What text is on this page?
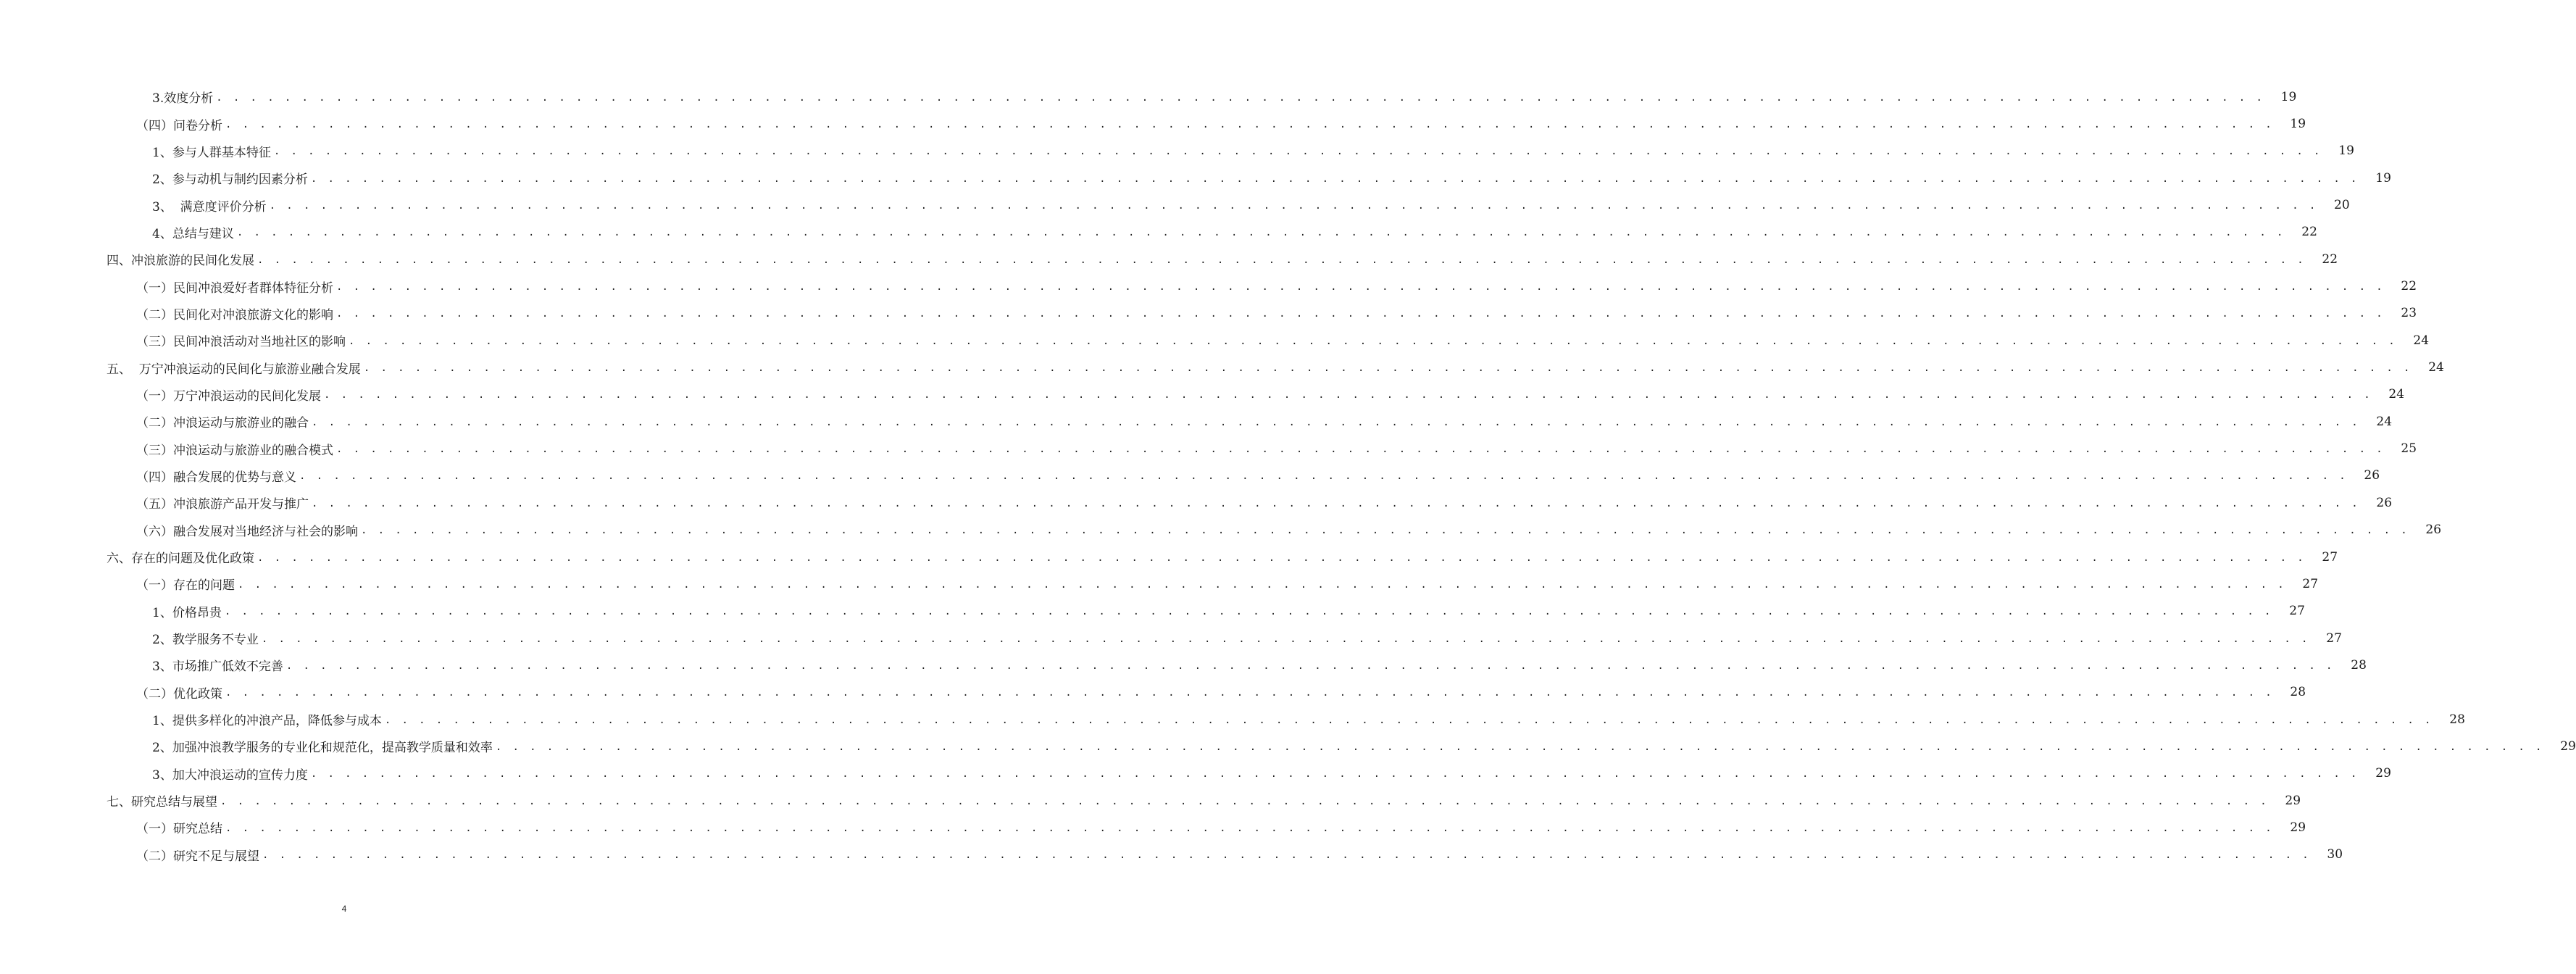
3.效度分析 . . . . . . . . . . . . . . . . . . . . . . . . . . . . . . . . . . . . . . . . . . . . . . . . . . . . . . . . . . . . . . . . . . . . . . . . . . . . . . . . . . . . . . . . . . . . . . . . . . . . . . . . . . . . . . . . . . . . . . . .	19
（四）问卷分析 . . . . . . . . . . . . . . . . . . . . . . . . . . . . . . . . . . . . . . . . . . . . . . . . . . . . . . . . . . . . . . . . . . . . . . . . . . . . . . . . . . . . . . . . . . . . . . . . . . . . . . . . . . . . . . . . . . . . . . . .	19
1、参与人群基本特征 . . . . . . . . . . . . . . . . . . . . . . . . . . . . . . . . . . . . . . . . . . . . . . . . . . . . . . . . . . . . . . . . . . . . . . . . . . . . . . . . . . . . . . . . . . . . . . . . . . . . . . . . . . . . . . . . . . . . . . . .	19
2、参与动机与制约因素分析 . . . . . . . . . . . . . . . . . . . . . . . . . . . . . . . . . . . . . . . . . . . . . . . . . . . . . . . . . . . . . . . . . . . . . . . . . . . . . . . . . . . . . . . . . . . . . . . . . . . . . . . . . . . . . . . . . . . . . . . .	19
3、  满意度评价分析 . . . . . . . . . . . . . . . . . . . . . . . . . . . . . . . . . . . . . . . . . . . . . . . . . . . . . . . . . . . . . . . . . . . . . . . . . . . . . . . . . . . . . . . . . . . . . . . . . . . . . . . . . . . . . . . . . . . . . . . .	20
4、总结与建议 . . . . . . . . . . . . . . . . . . . . . . . . . . . . . . . . . . . . . . . . . . . . . . . . . . . . . . . . . . . . . . . . . . . . . . . . . . . . . . . . . . . . . . . . . . . . . . . . . . . . . . . . . . . . . . . . . . . . . . . .	22
四、冲浪旅游的民间化发展 . . . . . . . . . . . . . . . . . . . . . . . . . . . . . . . . . . . . . . . . . . . . . . . . . . . . . . . . . . . . . . . . . . . . . . . . . . . . . . . . . . . . . . . . . . . . . . . . . . . . . . . . . . . . . . . . . . . . . . . .	22
（一）民间冲浪爱好者群体特征分析 . . . . . . . . . . . . . . . . . . . . . . . . . . . . . . . . . . . . . . . . . . . . . . . . . . . . . . . . . . . . . . . . . . . . . . . . . . . . . . . . . . . . . . . . . . . . . . . . . . . . . . . . . . . . . . . . . . . . . . . .	22
（二）民间化对冲浪旅游文化的影响 . . . . . . . . . . . . . . . . . . . . . . . . . . . . . . . . . . . . . . . . . . . . . . . . . . . . . . . . . . . . . . . . . . . . . . . . . . . . . . . . . . . . . . . . . . . . . . . . . . . . . . . . . . . . . . . . . . . . . . . .	23
（三）民间冲浪活动对当地社区的影响 . . . . . . . . . . . . . . . . . . . . . . . . . . . . . . . . . . . . . . . . . . . . . . . . . . . . . . . . . . . . . . . . . . . . . . . . . . . . . . . . . . . . . . . . . . . . . . . . . . . . . . . . . . . . . . . . . . . . . . . .	24
五、  万宁冲浪运动的民间化与旅游业融合发展 . . . . . . . . . . . . . . . . . . . . . . . . . . . . . . . . . . . . . . . . . . . . . . . . . . . . . . . . . . . . . . . . . . . . . . . . . . . . . . . . . . . . . . . . . . . . . . . . . . . . . . . . . . . . . . . . . . . . . . . .	24
（一）万宁冲浪运动的民间化发展 . . . . . . . . . . . . . . . . . . . . . . . . . . . . . . . . . . . . . . . . . . . . . . . . . . . . . . . . . . . . . . . . . . . . . . . . . . . . . . . . . . . . . . . . . . . . . . . . . . . . . . . . . . . . . . . . . . . . . . . .	24
（二）冲浪运动与旅游业的融合 . . . . . . . . . . . . . . . . . . . . . . . . . . . . . . . . . . . . . . . . . . . . . . . . . . . . . . . . . . . . . . . . . . . . . . . . . . . . . . . . . . . . . . . . . . . . . . . . . . . . . . . . . . . . . . . . . . . . . . . .	24
（三）冲浪运动与旅游业的融合模式 . . . . . . . . . . . . . . . . . . . . . . . . . . . . . . . . . . . . . . . . . . . . . . . . . . . . . . . . . . . . . . . . . . . . . . . . . . . . . . . . . . . . . . . . . . . . . . . . . . . . . . . . . . . . . . . . . . . . . . . .	25
（四）融合发展的优势与意义 . . . . . . . . . . . . . . . . . . . . . . . . . . . . . . . . . . . . . . . . . . . . . . . . . . . . . . . . . . . . . . . . . . . . . . . . . . . . . . . . . . . . . . . . . . . . . . . . . . . . . . . . . . . . . . . . . . . . . . . .	26
（五）冲浪旅游产品开发与推广 . . . . . . . . . . . . . . . . . . . . . . . . . . . . . . . . . . . . . . . . . . . . . . . . . . . . . . . . . . . . . . . . . . . . . . . . . . . . . . . . . . . . . . . . . . . . . . . . . . . . . . . . . . . . . . . . . . . . . . . .	26
（六）融合发展对当地经济与社会的影响 . . . . . . . . . . . . . . . . . . . . . . . . . . . . . . . . . . . . . . . . . . . . . . . . . . . . . . . . . . . . . . . . . . . . . . . . . . . . . . . . . . . . . . . . . . . . . . . . . . . . . . . . . . . . . . . . . . . . . . . .	26
六、存在的问题及优化政策 . . . . . . . . . . . . . . . . . . . . . . . . . . . . . . . . . . . . . . . . . . . . . . . . . . . . . . . . . . . . . . . . . . . . . . . . . . . . . . . . . . . . . . . . . . . . . . . . . . . . . . . . . . . . . . . . . . . . . . . .	27
（一）存在的问题 . . . . . . . . . . . . . . . . . . . . . . . . . . . . . . . . . . . . . . . . . . . . . . . . . . . . . . . . . . . . . . . . . . . . . . . . . . . . . . . . . . . . . . . . . . . . . . . . . . . . . . . . . . . . . . . . . . . . . . . .	27
1、价格昂贵 . . . . . . . . . . . . . . . . . . . . . . . . . . . . . . . . . . . . . . . . . . . . . . . . . . . . . . . . . . . . . . . . . . . . . . . . . . . . . . . . . . . . . . . . . . . . . . . . . . . . . . . . . . . . . . . . . . . . . . . .	27
2、教学服务不专业 . . . . . . . . . . . . . . . . . . . . . . . . . . . . . . . . . . . . . . . . . . . . . . . . . . . . . . . . . . . . . . . . . . . . . . . . . . . . . . . . . . . . . . . . . . . . . . . . . . . . . . . . . . . . . . . . . . . . . . . .	27
3、市场推广低效不完善 . . . . . . . . . . . . . . . . . . . . . . . . . . . . . . . . . . . . . . . . . . . . . . . . . . . . . . . . . . . . . . . . . . . . . . . . . . . . . . . . . . . . . . . . . . . . . . . . . . . . . . . . . . . . . . . . . . . . . . . .	28
（二）优化政策 . . . . . . . . . . . . . . . . . . . . . . . . . . . . . . . . . . . . . . . . . . . . . . . . . . . . . . . . . . . . . . . . . . . . . . . . . . . . . . . . . . . . . . . . . . . . . . . . . . . . . . . . . . . . . . . . . . . . . . . .	28
1、提供多样化的冲浪产品，降低参与成本 . . . . . . . . . . . . . . . . . . . . . . . . . . . . . . . . . . . . . . . . . . . . . . . . . . . . . . . . . . . . . . . . . . . . . . . . . . . . . . . . . . . . . . . . . . . . . . . . . . . . . . . . . . . . . . . . . . . . . . . .	28
2、加强冲浪教学服务的专业化和规范化，提高教学质量和效率 . . . . . . . . . . . . . . . . . . . . . . . . . . . . . . . . . . . . . . . . . . . . . . . . . . . . . . . . . . . . . . . . . . . . . . . . . . . . . . . . . . . . . . . . . . . . . . . . . . . . . . . . . . . . . . . . . . . . . . . .	29
3、加大冲浪运动的宣传力度 . . . . . . . . . . . . . . . . . . . . . . . . . . . . . . . . . . . . . . . . . . . . . . . . . . . . . . . . . . . . . . . . . . . . . . . . . . . . . . . . . . . . . . . . . . . . . . . . . . . . . . . . . . . . . . . . . . . . . . . .	29
七、研究总结与展望 . . . . . . . . . . . . . . . . . . . . . . . . . . . . . . . . . . . . . . . . . . . . . . . . . . . . . . . . . . . . . . . . . . . . . . . . . . . . . . . . . . . . . . . . . . . . . . . . . . . . . . . . . . . . . . . . . . . . . . . .	29
（一）研究总结 . . . . . . . . . . . . . . . . . . . . . . . . . . . . . . . . . . . . . . . . . . . . . . . . . . . . . . . . . . . . . . . . . . . . . . . . . . . . . . . . . . . . . . . . . . . . . . . . . . . . . . . . . . . . . . . . . . . . . . . .	29
（二）研究不足与展望 . . . . . . . . . . . . . . . . . . . . . . . . . . . . . . . . . . . . . . . . . . . . . . . . . . . . . . . . . . . . . . . . . . . . . . . . . . . . . . . . . . . . . . . . . . . . . . . . . . . . . . . . . . . . . . . . . . . . . . . .	30
4
